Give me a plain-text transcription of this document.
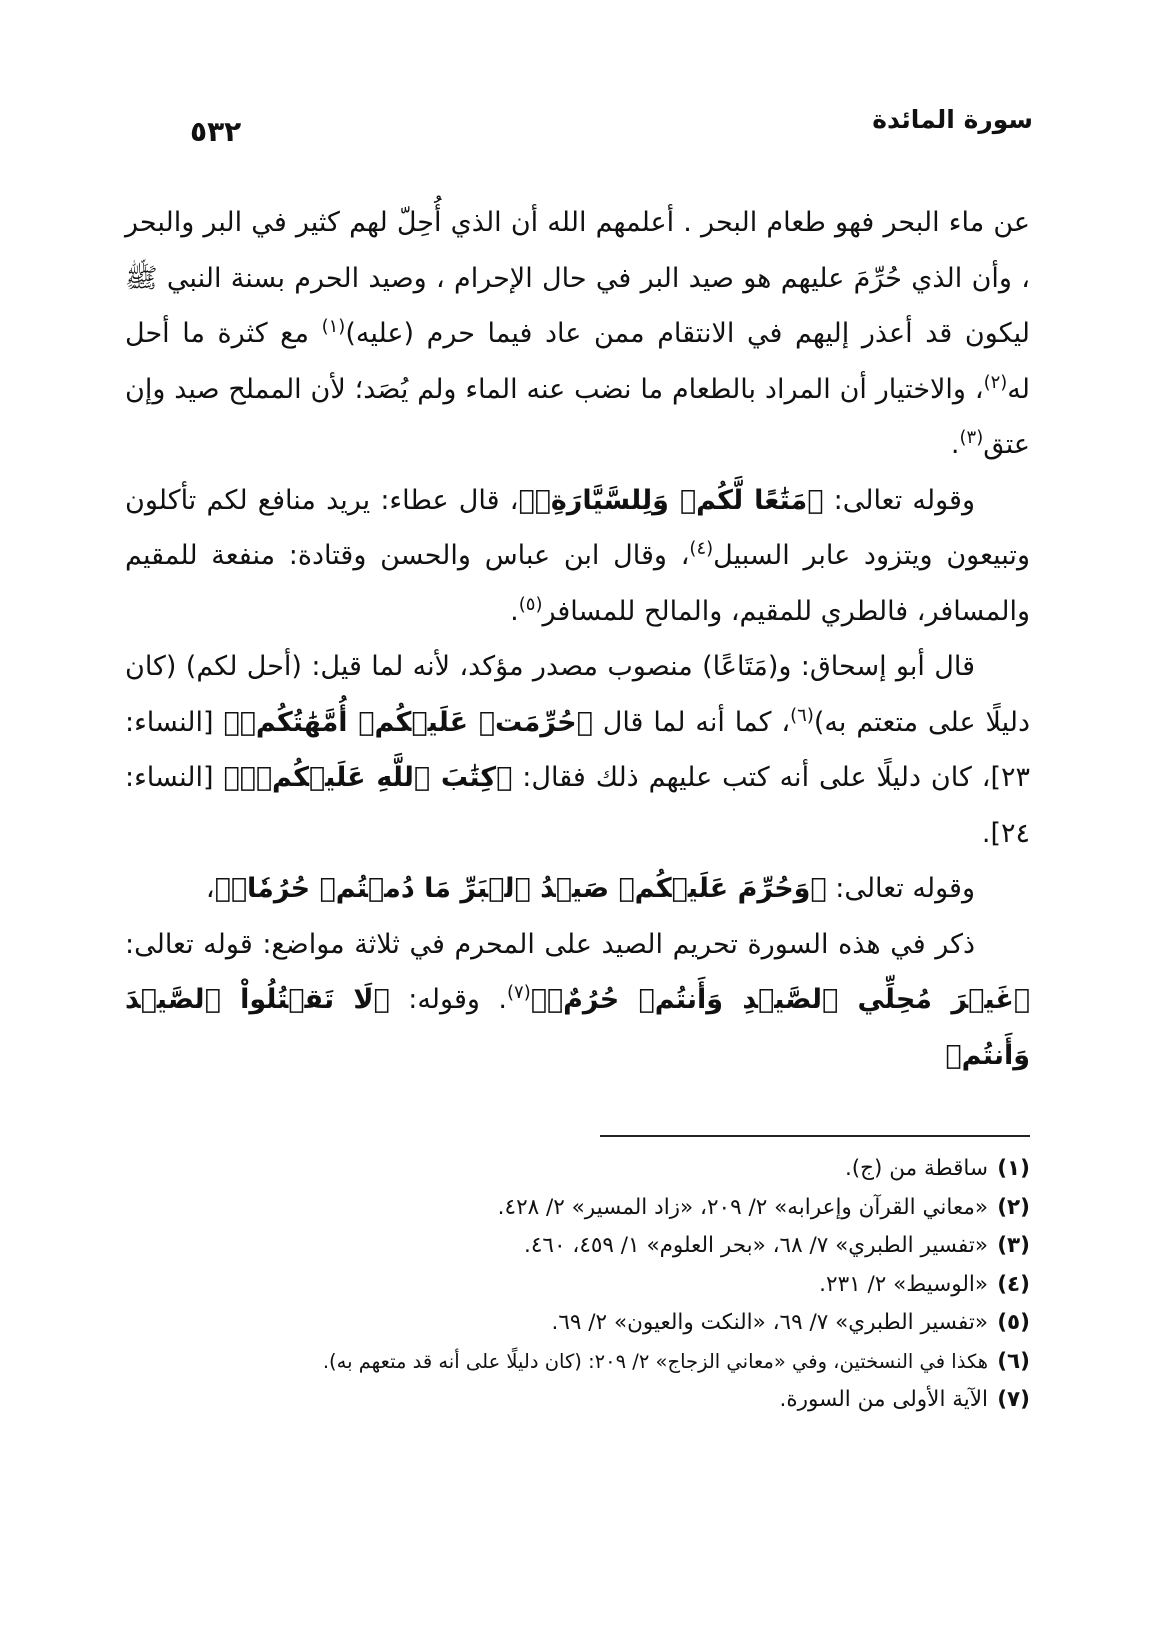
سورة المائدة
٥٣٢

عن ماء البحر فهو طعام البحر . أعلمهم الله أن الذي أُحِلّ لهم كثير في البر والبحر ، وأن الذي حُرِّمَ عليهم هو صيد البر في حال الإحرام ، وصيد الحرم بسنة النبي ﷺ ليكون قد أعذر إليهم في الانتقام ممن عاد فيما حرم (عليه)$^{(١)}$ مع كثرة ما أحل له$^{(٢)}$، والاختيار أن المراد بالطعام ما نضب عنه الماء ولم يُصَد؛ لأن المملح صيد وإن عتق$^{(٣)}$.

وقوله تعالى: ﴿مَتَٰعًا لَّكُمۡ وَلِلسَّيَّارَةِۖ﴾، قال عطاء: يريد منافع لكم تأكلون وتبيعون ويتزود عابر السبيل$^{(٤)}$، وقال ابن عباس والحسن وقتادة: منفعة للمقيم والمسافر، فالطري للمقيم، والمالح للمسافر$^{(٥)}$.

قال أبو إسحاق: و(مَتَاعًا) منصوب مصدر مؤكد، لأنه لما قيل: (أحل لكم) (كان دليلًا على متعتم به)$^{(٦)}$، كما أنه لما قال ﴿حُرِّمَتۡ عَلَيۡكُمۡ أُمَّهَٰتُكُمۡ﴾ [النساء: ٢٣]، كان دليلًا على أنه كتب عليهم ذلك فقال: ﴿كِتَٰبَ ٱللَّهِ عَلَيۡكُمۡۚ﴾ [النساء: ٢٤].

وقوله تعالى: ﴿وَحُرِّمَ عَلَيۡكُمۡ صَيۡدُ ٱلۡبَرِّ مَا دُمۡتُمۡ حُرُمٗاۗ﴾،

ذكر في هذه السورة تحريم الصيد على المحرم في ثلاثة مواضع: قوله تعالى: ﴿غَيۡرَ مُحِلِّي ٱلصَّيۡدِ وَأَنتُمۡ حُرُمٌۗ﴾$^{(٧)}$. وقوله: ﴿لَا تَقۡتُلُواْ ٱلصَّيۡدَ وَأَنتُمۡ

(١)
ساقطة من (ج).
(٢)
«معاني القرآن وإعرابه» ٢/ ٢٠٩، «زاد المسير» ٢/ ٤٢٨.
(٣)
«تفسير الطبري» ٧/ ٦٨، «بحر العلوم» ١/ ٤٥٩، ٤٦٠.
(٤)
«الوسيط» ٢/ ٢٣١.
(٥)
«تفسير الطبري» ٧/ ٦٩، «النكت والعيون» ٢/ ٦٩.
(٦)
هكذا في النسختين، وفي «معاني الزجاج» ٢/ ٢٠٩: (كان دليلًا على أنه قد متعهم به).
(٧)
الآية الأولى من السورة.
